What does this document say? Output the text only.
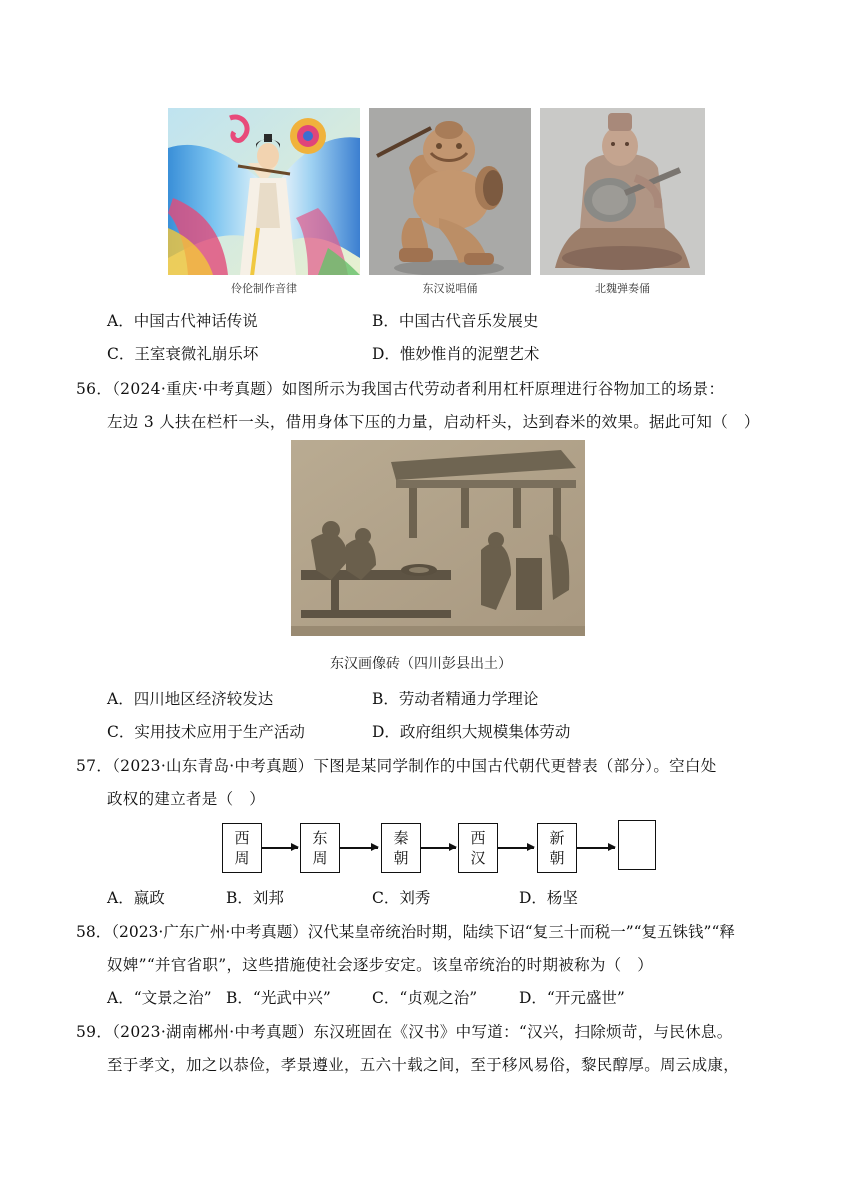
伶伦制作音律	东汉说唱俑	北魏弹奏俑
A．中国古代神话传说	B．中国古代音乐发展史
C．王室衰微礼崩乐坏	D．惟妙惟肖的泥塑艺术
56．（2024·重庆·中考真题）如图所示为我国古代劳动者利用杠杆原理进行谷物加工的场景：
左边 3 人扶在栏杆一头，借用身体下压的力量，启动杆头，达到舂米的效果。据此可知（　）
东汉画像砖（四川彭县出土）
A．四川地区经济较发达	B．劳动者精通力学理论
C．实用技术应用于生产活动	D．政府组织大规模集体劳动
57．（2023·山东青岛·中考真题）下图是某同学制作的中国古代朝代更替表（部分）。空白处
政权的建立者是（　）
西
周
东
周
秦
朝
西
汉
新
朝
A．嬴政	B．刘邦	C．刘秀	D．杨坚
58．（2023·广东广州·中考真题）汉代某皇帝统治时期，陆续下诏“复三十而税一”“复五铢钱”“释
奴婢”“并官省职”，这些措施使社会逐步安定。该皇帝统治的时期被称为（　）
A．“文景之治” B．“光武中兴”	C．“贞观之治”	D．“开元盛世”
59．（2023·湖南郴州·中考真题）东汉班固在《汉书》中写道：“汉兴，扫除烦苛，与民休息。
至于孝文，加之以恭俭，孝景遵业，五六十载之间，至于移风易俗，黎民醇厚。周云成康，
